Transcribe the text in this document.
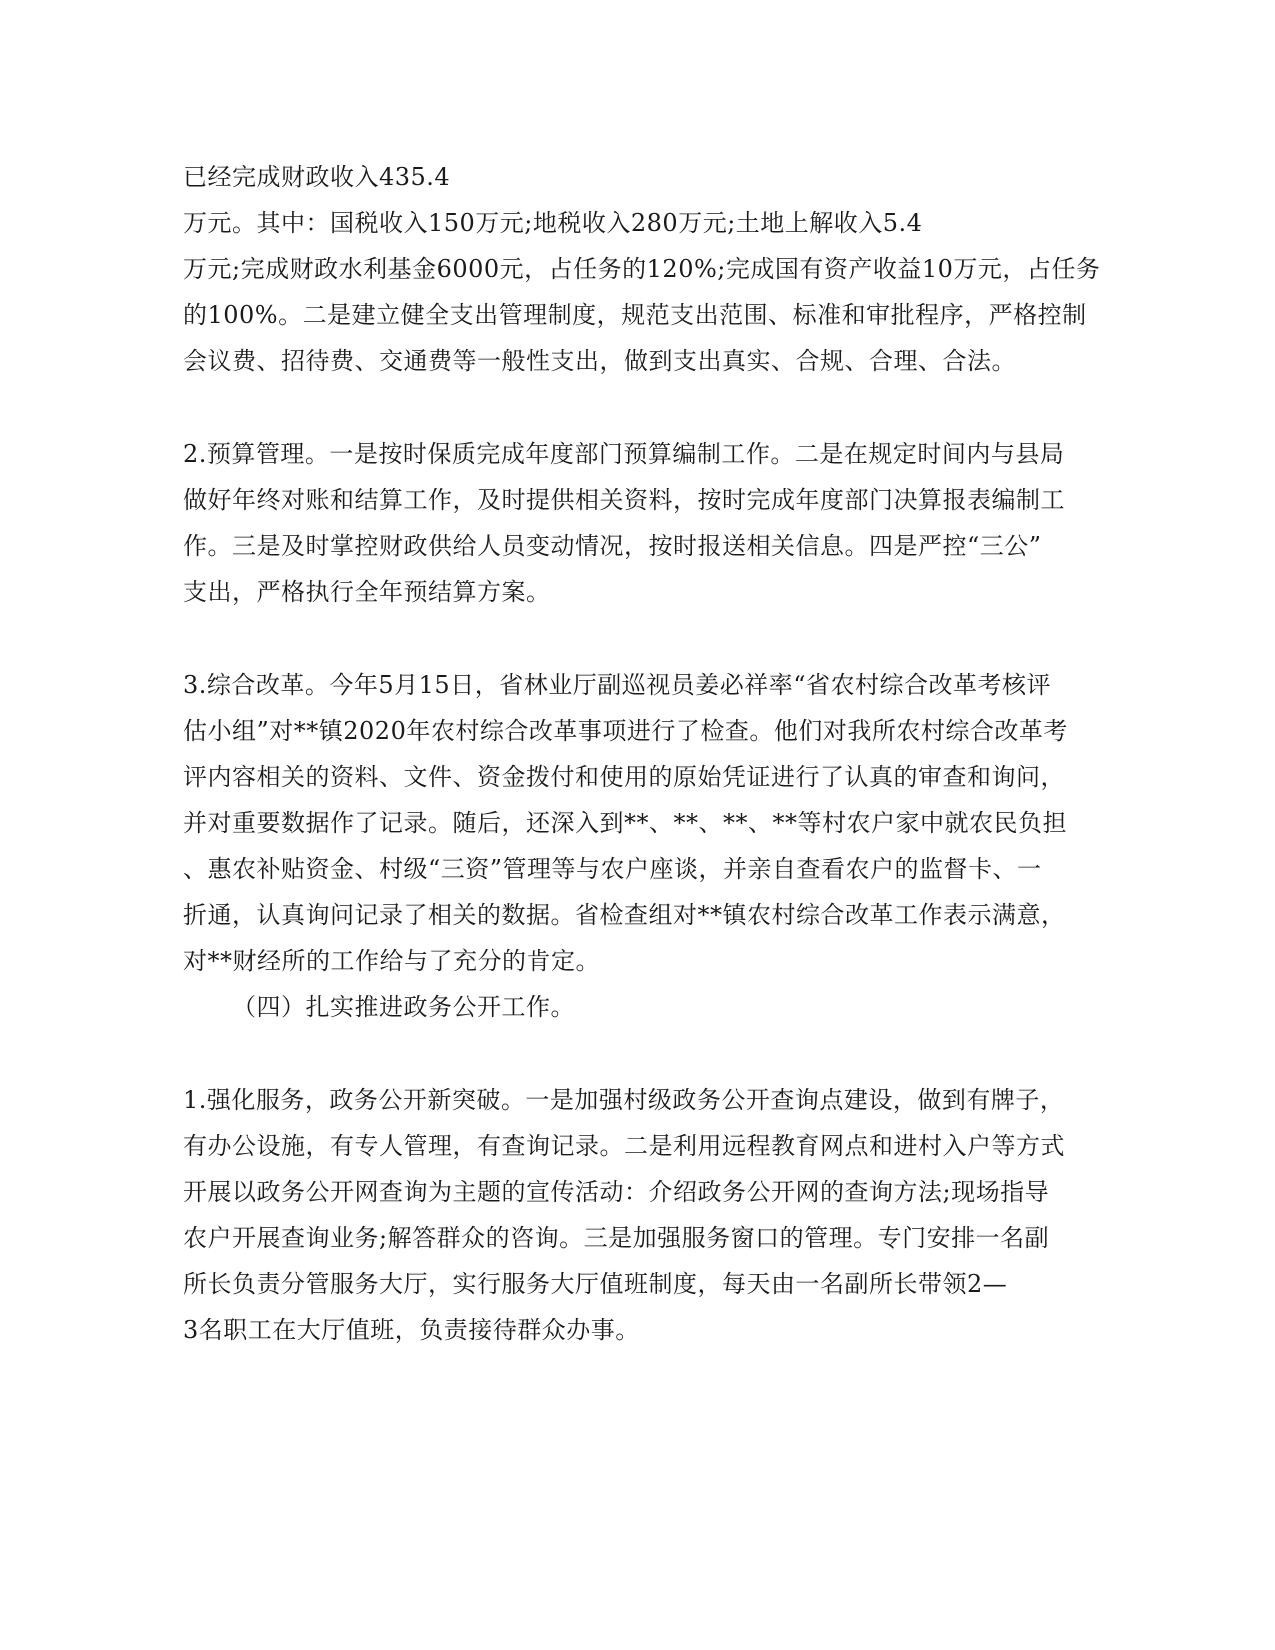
已经完成财政收入435.4
万元。其中：国税收入150万元;地税收入280万元;土地上解收入5.4
万元;完成财政水利基金6000元，占任务的120%;完成国有资产收益10万元，占任务
的100%。二是建立健全支出管理制度，规范支出范围、标准和审批程序，严格控制
会议费、招待费、交通费等一般性支出，做到支出真实、合规、合理、合法。
2.预算管理。一是按时保质完成年度部门预算编制工作。二是在规定时间内与县局
做好年终对账和结算工作，及时提供相关资料，按时完成年度部门决算报表编制工
作。三是及时掌控财政供给人员变动情况，按时报送相关信息。四是严控“三公”
支出，严格执行全年预结算方案。
3.综合改革。今年5月15日，省林业厅副巡视员姜必祥率“省农村综合改革考核评
估小组”对**镇2020年农村综合改革事项进行了检查。他们对我所农村综合改革考
评内容相关的资料、文件、资金拨付和使用的原始凭证进行了认真的审查和询问，
并对重要数据作了记录。随后，还深入到**、**、**、**等村农户家中就农民负担
、惠农补贴资金、村级“三资”管理等与农户座谈，并亲自查看农户的监督卡、一
折通，认真询问记录了相关的数据。省检查组对**镇农村综合改革工作表示满意，
对**财经所的工作给与了充分的肯定。
（四）扎实推进政务公开工作。
1.强化服务，政务公开新突破。一是加强村级政务公开查询点建设，做到有牌子，
有办公设施，有专人管理，有查询记录。二是利用远程教育网点和进村入户等方式
开展以政务公开网查询为主题的宣传活动：介绍政务公开网的查询方法;现场指导
农户开展查询业务;解答群众的咨询。三是加强服务窗口的管理。专门安排一名副
所长负责分管服务大厅，实行服务大厅值班制度，每天由一名副所长带领2—
3名职工在大厅值班，负责接待群众办事。
